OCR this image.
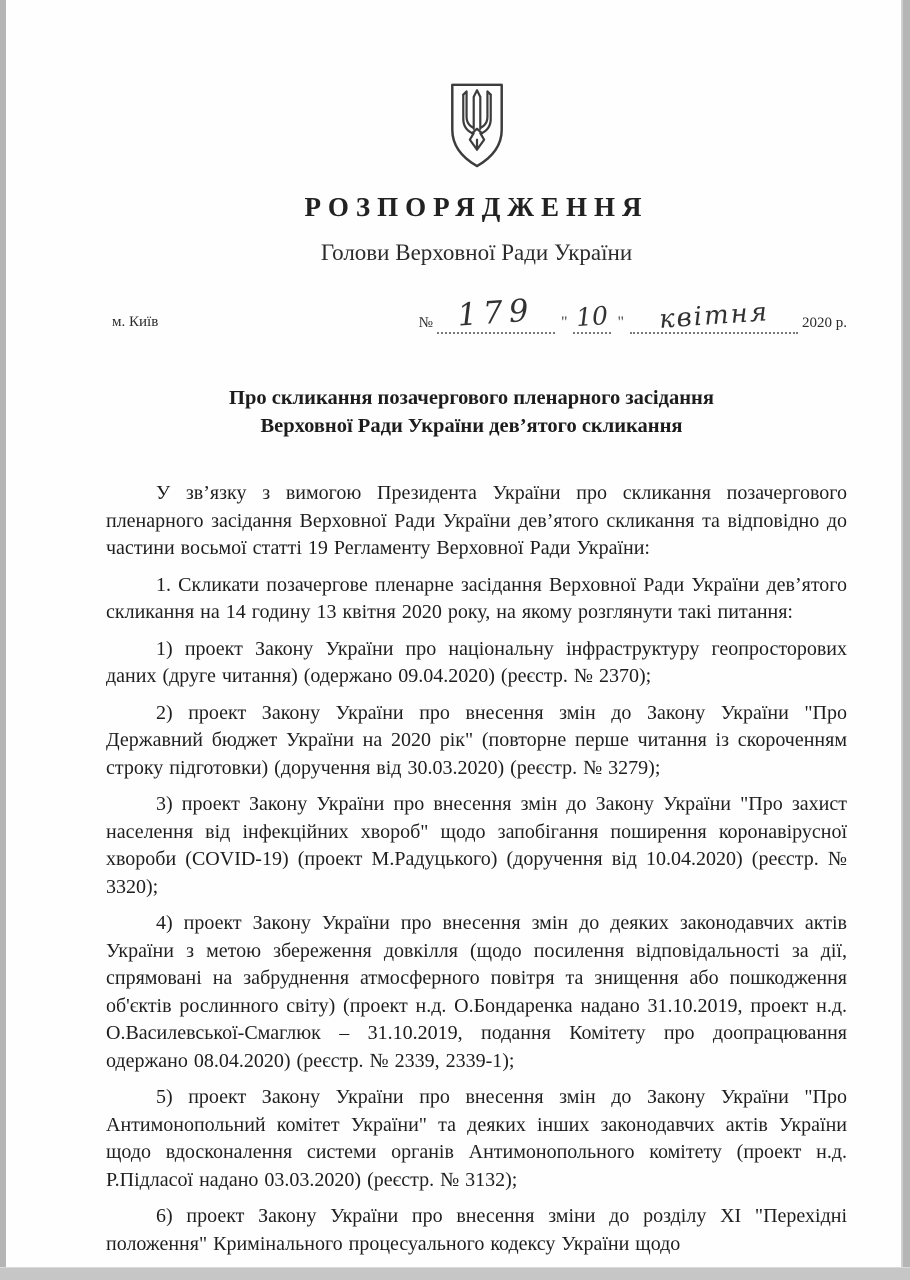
РОЗПОРЯДЖЕННЯ
Голови Верховної Ради України
м. Київ	№ 179 " 10 " квітня 2020 р.
Про скликання позачергового пленарного засідання
Верховної Ради України дев’ятого скликання

У зв’язку з вимогою Президента України про скликання позачергового пленарного засідання Верховної Ради України дев’ятого скликання та відповідно до частини восьмої статті 19 Регламенту Верховної Ради України:

1. Скликати позачергове пленарне засідання Верховної Ради України дев’ятого скликання на 14 годину 13 квітня 2020 року, на якому розглянути такі питання:

1) проект Закону України про національну інфраструктуру геопросторових даних (друге читання) (одержано 09.04.2020) (реєстр. № 2370);

2) проект Закону України про внесення змін до Закону України "Про Державний бюджет України на 2020 рік" (повторне перше читання із скороченням строку підготовки) (доручення від 30.03.2020) (реєстр. № 3279);

3) проект Закону України про внесення змін до Закону України "Про захист населення від інфекційних хвороб" щодо запобігання поширення коронавірусної хвороби (COVID-19) (проект М.Радуцького) (доручення від 10.04.2020) (реєстр. № 3320);

4) проект Закону України про внесення змін до деяких законодавчих актів України з метою збереження довкілля (щодо посилення відповідальності за дії, спрямовані на забруднення атмосферного повітря та знищення або пошкодження об'єктів рослинного світу) (проект н.д. О.Бондаренка надано 31.10.2019, проект н.д. О.Василевської-Смаглюк – 31.10.2019, подання Комітету про доопрацювання одержано 08.04.2020) (реєстр. № 2339, 2339-1);

5) проект Закону України про внесення змін до Закону України "Про Антимонопольний комітет України" та деяких інших законодавчих актів України щодо вдосконалення системи органів Антимонопольного комітету (проект н.д. Р.Підласої надано 03.03.2020) (реєстр. № 3132);

6) проект Закону України про внесення зміни до розділу XI "Перехідні положення" Кримінального процесуального кодексу України щодо
